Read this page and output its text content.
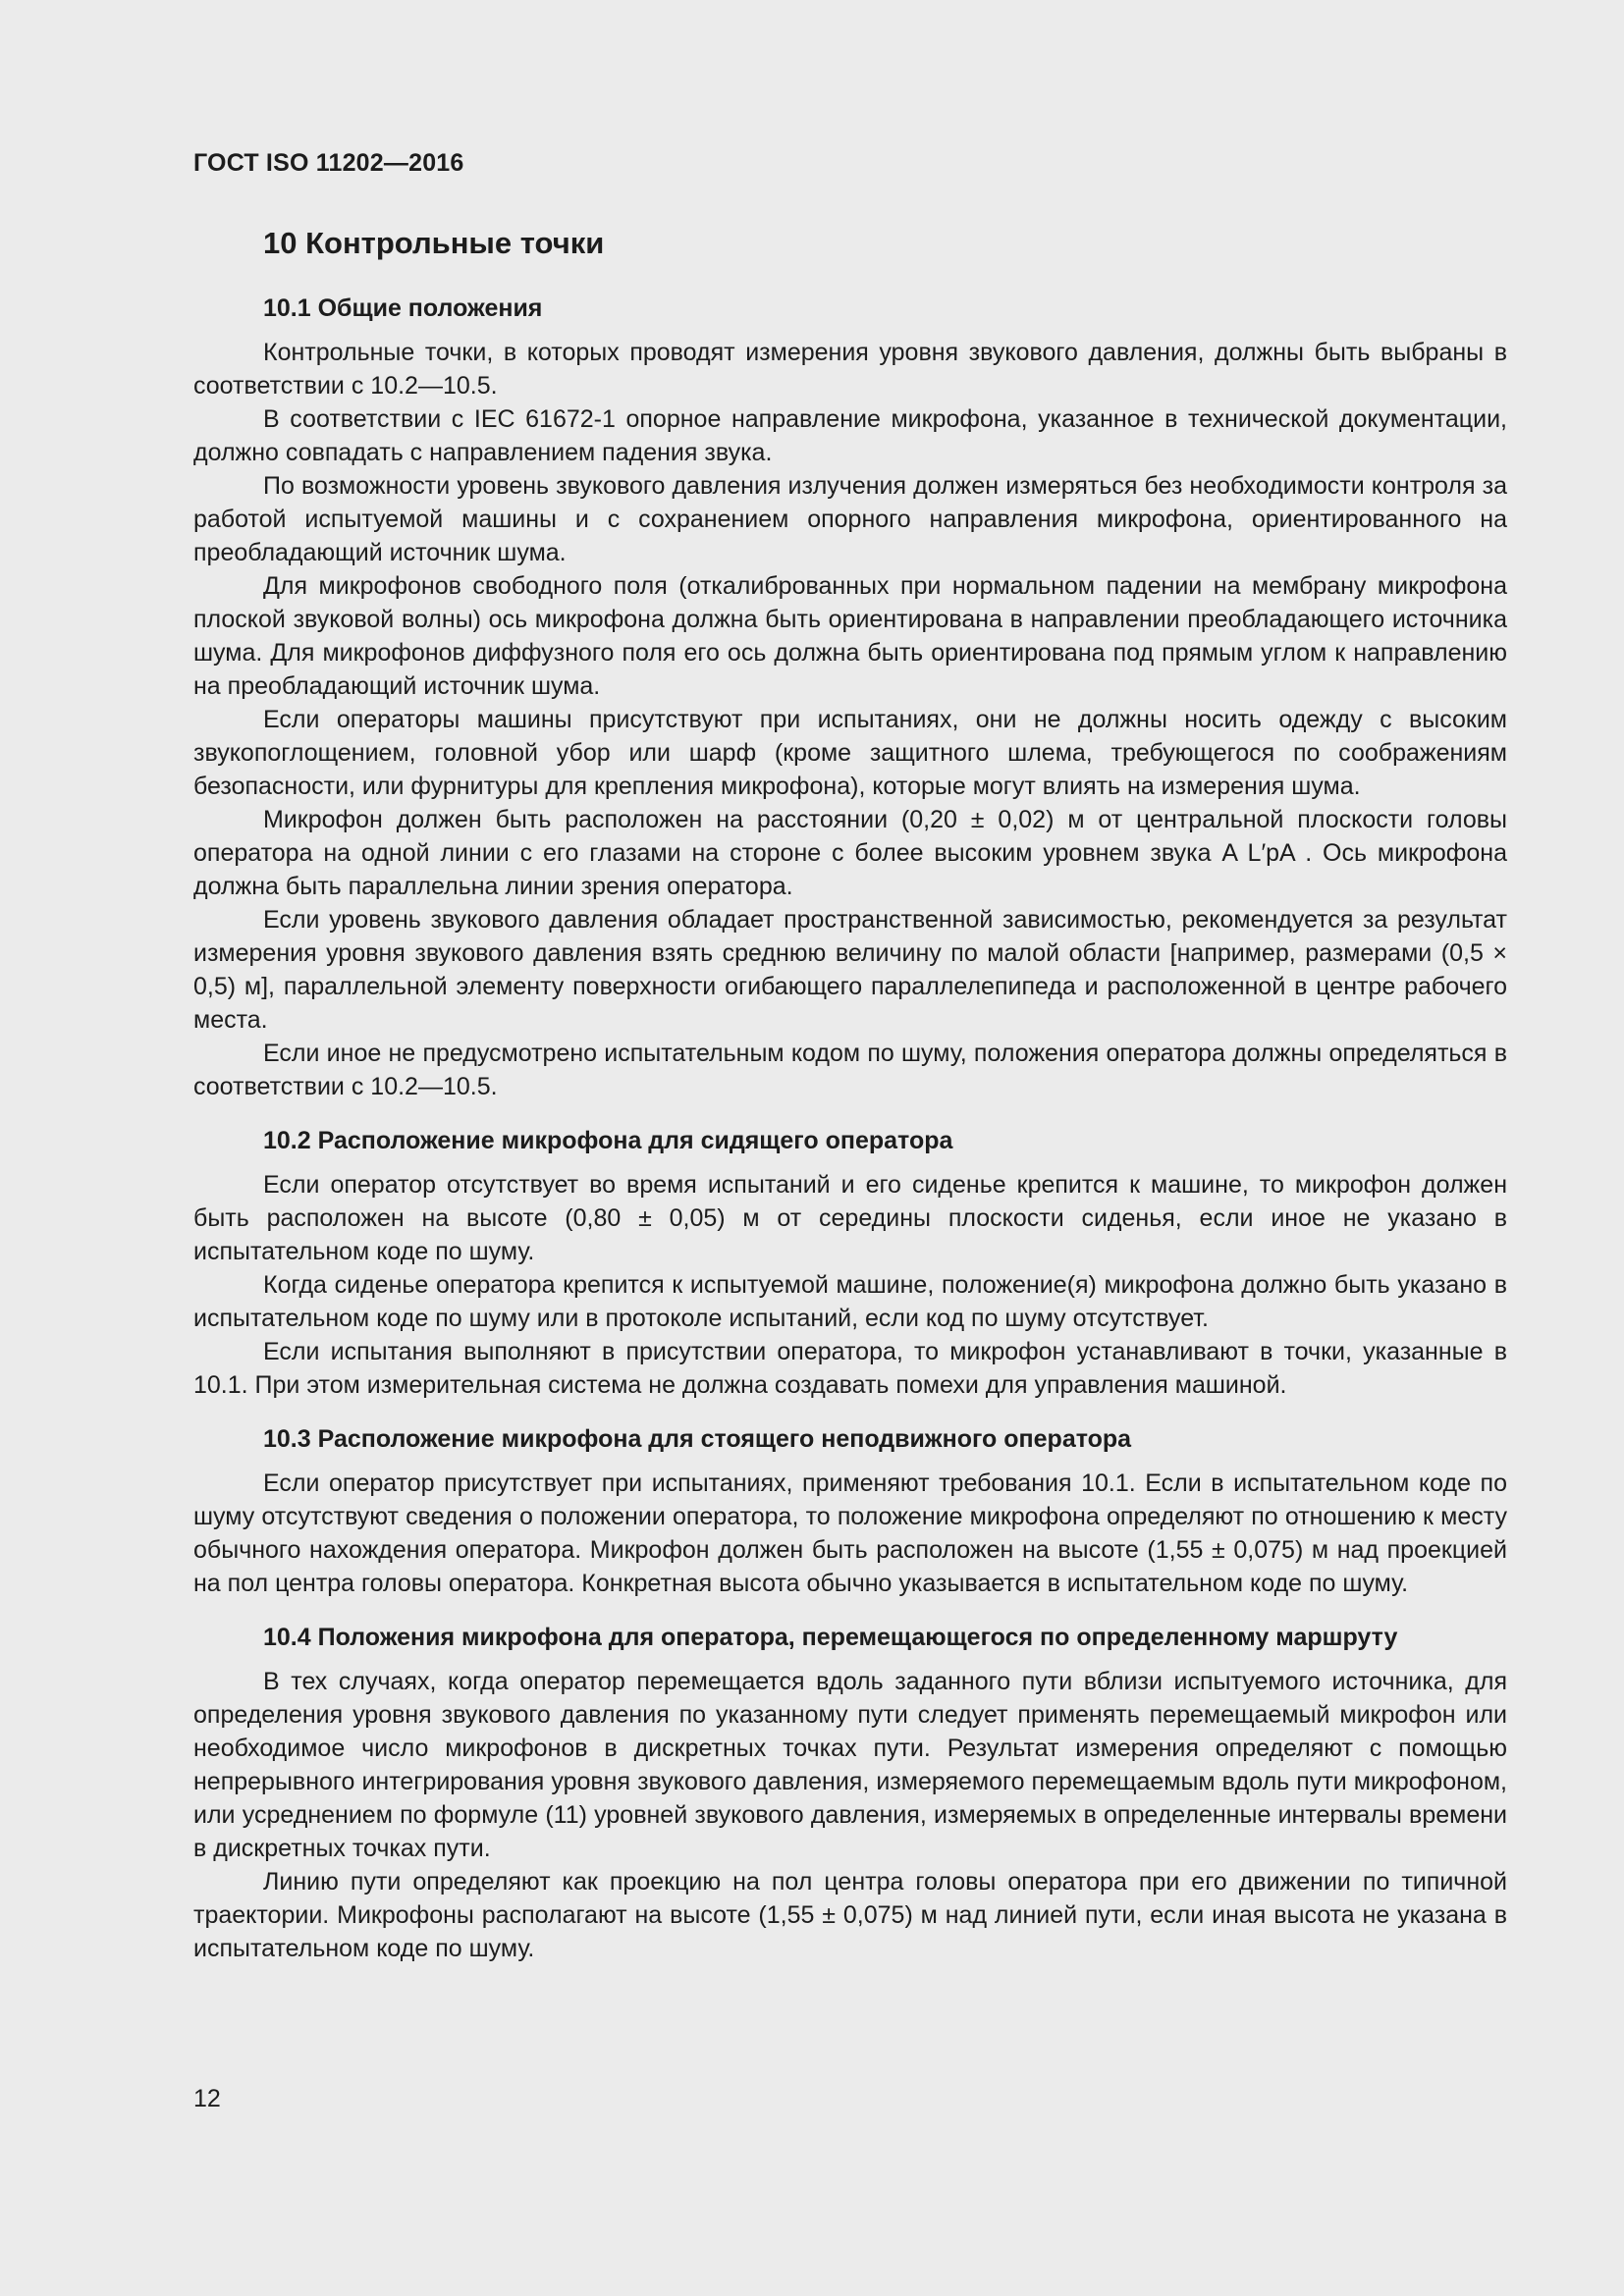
ГОСТ ISO 11202—2016
10 Контрольные точки
10.1 Общие положения

Контрольные точки, в которых проводят измерения уровня звукового давления, должны быть выбраны в соответствии с 10.2—10.5.

В соответствии с IEC 61672-1 опорное направление микрофона, указанное в технической документации, должно совпадать с направлением падения звука.

По возможности уровень звукового давления излучения должен измеряться без необходимости контроля за работой испытуемой машины и с сохранением опорного направления микрофона, ориентированного на преобладающий источник шума.

Для микрофонов свободного поля (откалиброванных при нормальном падении на мембрану микрофона плоской звуковой волны) ось микрофона должна быть ориентирована в направлении преобладающего источника шума. Для микрофонов диффузного поля его ось должна быть ориентирована под прямым углом к направлению на преобладающий источник шума.

Если операторы машины присутствуют при испытаниях, они не должны носить одежду с высоким звукопоглощением, головной убор или шарф (кроме защитного шлема, требующегося по соображениям безопасности, или фурнитуры для крепления микрофона), которые могут влиять на измерения шума.

Микрофон должен быть расположен на расстоянии (0,20 ± 0,02) м от центральной плоскости головы оператора на одной линии с его глазами на стороне с более высоким уровнем звука A L′pA . Ось микрофона должна быть параллельна линии зрения оператора.

Если уровень звукового давления обладает пространственной зависимостью, рекомендуется за результат измерения уровня звукового давления взять среднюю величину по малой области [например, размерами (0,5 × 0,5) м], параллельной элементу поверхности огибающего параллелепипеда и расположенной в центре рабочего места.

Если иное не предусмотрено испытательным кодом по шуму, положения оператора должны определяться в соответствии с 10.2—10.5.

10.2 Расположение микрофона для сидящего оператора

Если оператор отсутствует во время испытаний и его сиденье крепится к машине, то микрофон должен быть расположен на высоте (0,80 ± 0,05) м от середины плоскости сиденья, если иное не указано в испытательном коде по шуму.

Когда сиденье оператора крепится к испытуемой машине, положение(я) микрофона должно быть указано в испытательном коде по шуму или в протоколе испытаний, если код по шуму отсутствует.

Если испытания выполняют в присутствии оператора, то микрофон устанавливают в точки, указанные в 10.1. При этом измерительная система не должна создавать помехи для управления машиной.

10.3 Расположение микрофона для стоящего неподвижного оператора

Если оператор присутствует при испытаниях, применяют требования 10.1. Если в испытательном коде по шуму отсутствуют сведения о положении оператора, то положение микрофона определяют по отношению к месту обычного нахождения оператора. Микрофон должен быть расположен на высоте (1,55 ± 0,075) м над проекцией на пол центра головы оператора. Конкретная высота обычно указывается в испытательном коде по шуму.

10.4 Положения микрофона для оператора, перемещающегося по определенному маршруту

В тех случаях, когда оператор перемещается вдоль заданного пути вблизи испытуемого источника, для определения уровня звукового давления по указанному пути следует применять перемещаемый микрофон или необходимое число микрофонов в дискретных точках пути. Результат измерения определяют с помощью непрерывного интегрирования уровня звукового давления, измеряемого перемещаемым вдоль пути микрофоном, или усреднением по формуле (11) уровней звукового давления, измеряемых в определенные интервалы времени в дискретных точках пути.

Линию пути определяют как проекцию на пол центра головы оператора при его движении по типичной траектории. Микрофоны располагают на высоте (1,55 ± 0,075) м над линией пути, если иная высота не указана в испытательном коде по шуму.

12
